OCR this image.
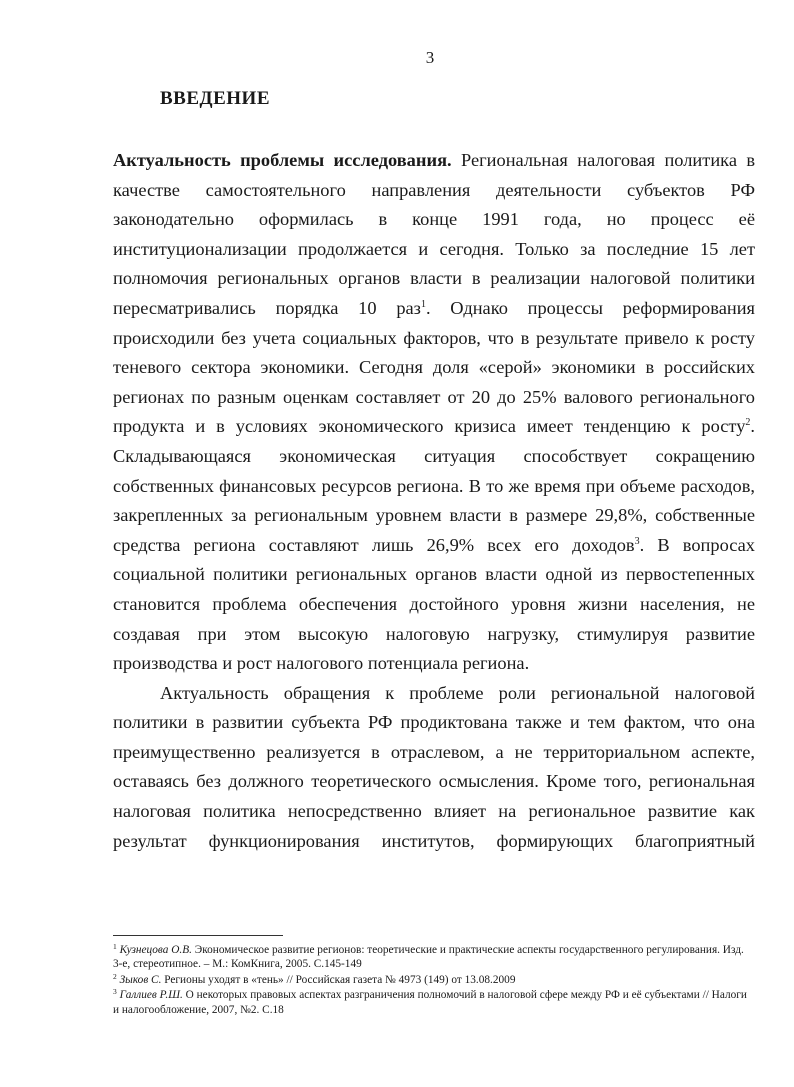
3
ВВЕДЕНИЕ

Актуальность проблемы исследования. Региональная налоговая политика в качестве самостоятельного направления деятельности субъектов РФ законодательно оформилась в конце 1991 года, но процесс её институционализации продолжается и сегодня. Только за последние 15 лет полномочия региональных органов власти в реализации налоговой политики пересматривались порядка 10 раз$^1$. Однако процессы реформирования происходили без учета социальных факторов, что в результате привело к росту теневого сектора экономики. Сегодня доля «серой» экономики в российских регионах по разным оценкам составляет от 20 до 25% валового регионального продукта и в условиях экономического кризиса имеет тенденцию к росту$^2$. Складывающаяся экономическая ситуация способствует сокращению собственных финансовых ресурсов региона. В то же время при объеме расходов, закрепленных за региональным уровнем власти в размере 29,8%, собственные средства региона составляют лишь 26,9% всех его доходов$^3$. В вопросах социальной политики региональных органов власти одной из первостепенных становится проблема обеспечения достойного уровня жизни населения, не создавая при этом высокую налоговую нагрузку, стимулируя развитие производства и рост налогового потенциала региона.

Актуальность обращения к проблеме роли региональной налоговой политики в развитии субъекта РФ продиктована также и тем фактом, что она преимущественно реализуется в отраслевом, а не территориальном аспекте, оставаясь без должного теоретического осмысления. Кроме того, региональная налоговая политика непосредственно влияет на региональное развитие как результат функционирования институтов, формирующих благоприятный

$^1$ Кузнецова О.В. Экономическое развитие регионов: теоретические и практические аспекты государственного регулирования. Изд. 3-е, стереотипное. – М.: КомКнига, 2005. С.145-149

$^2$ Зыков С. Регионы уходят в «тень» // Российская газета № 4973 (149) от 13.08.2009

$^3$ Галлиев Р.Ш. О некоторых правовых аспектах разграничения полномочий в налоговой сфере между РФ и её субъектами // Налоги и налогообложение, 2007, №2. С.18
